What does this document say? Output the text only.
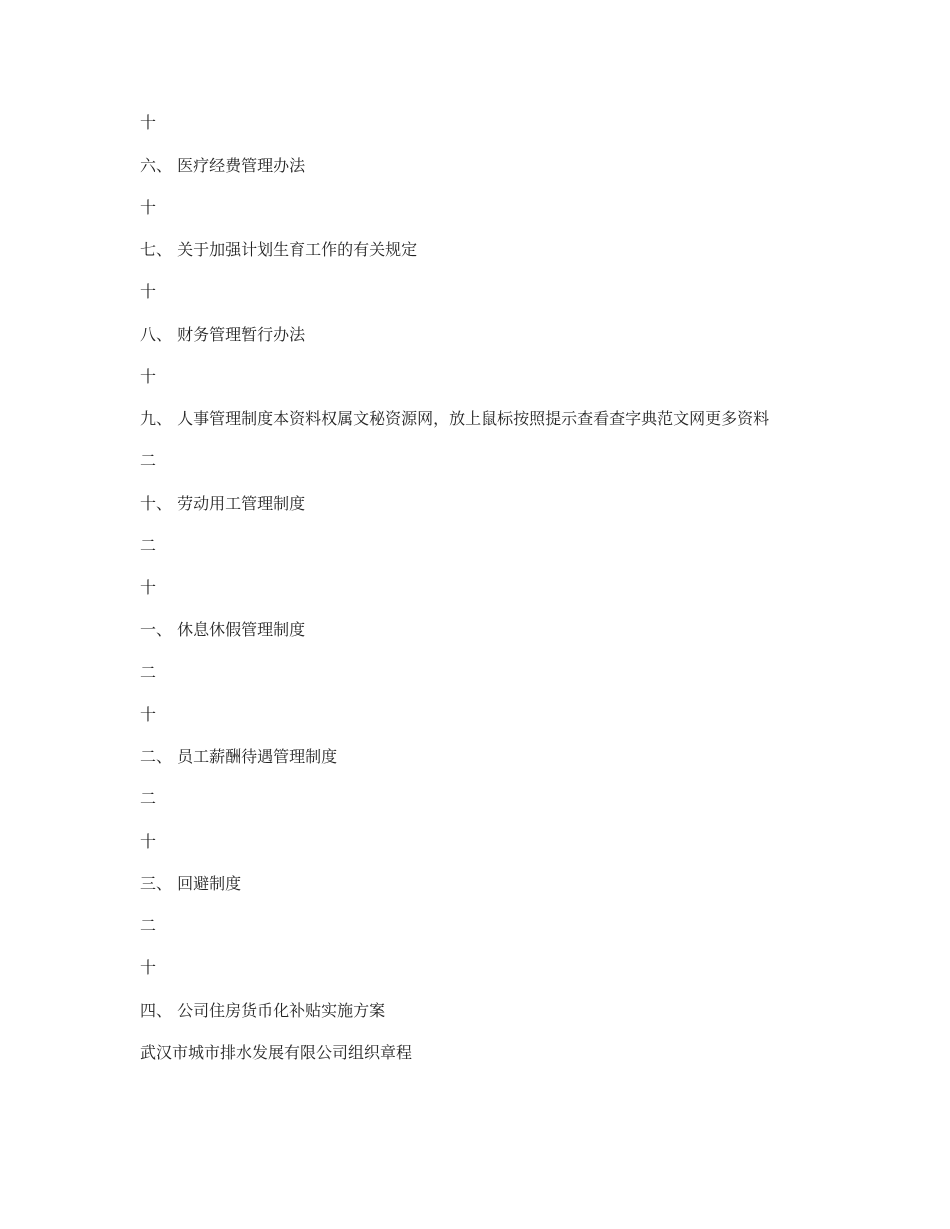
十
六、 医疗经费管理办法
十
七、 关于加强计划生育工作的有关规定
十
八、 财务管理暂行办法
十
九、 人事管理制度本资料权属文秘资源网，放上鼠标按照提示查看查字典范文网更多资料
二
十、 劳动用工管理制度
二
十
一、 休息休假管理制度
二
十
二、 员工薪酬待遇管理制度
二
十
三、 回避制度
二
十
四、 公司住房货币化补贴实施方案
武汉市城市排水发展有限公司组织章程
